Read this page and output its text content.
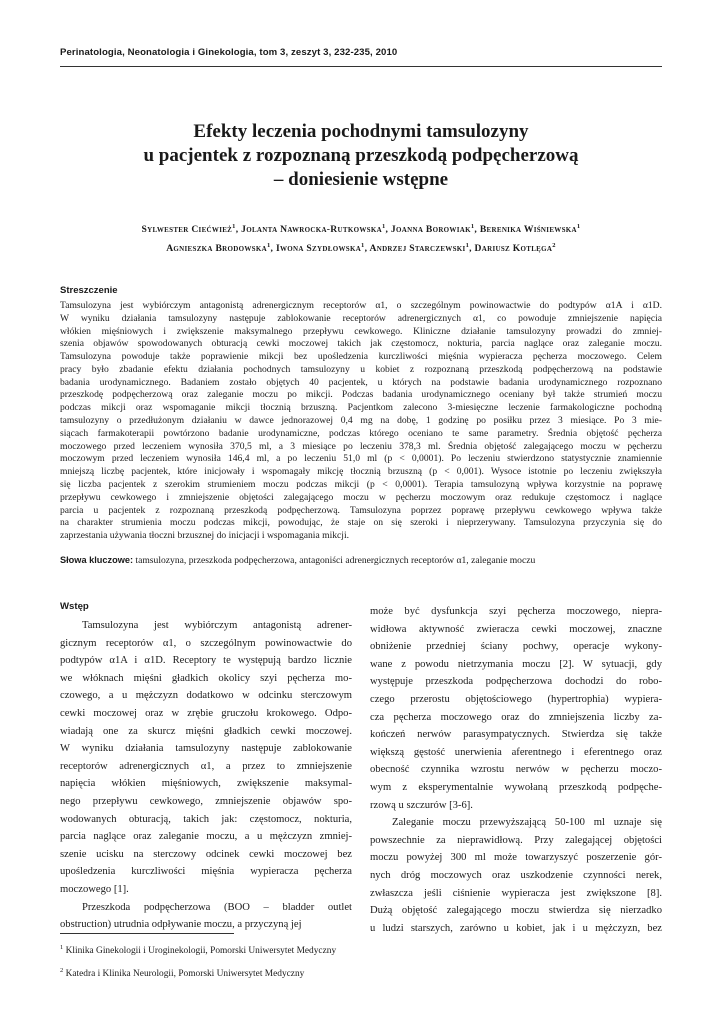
Perinatologia, Neonatologia i Ginekologia, tom 3, zeszyt 3, 232-235, 2010
Efekty leczenia pochodnymi tamsulozyny
u pacjentek z rozpoznaną przeszkodą podpęcherzową
– doniesienie wstępne
Sylwester Ciećwież$^1$, Jolanta Nawrocka-Rutkowska$^1$, Joanna Borowiak$^1$, Berenika Wiśniewska$^1$
Agnieszka Brodowska$^1$, Iwona Szydłowska$^1$, Andrzej Starczewski$^1$, Dariusz Kotlęga$^2$
Streszczenie
Tamsulozyna jest wybiórczym antagonistą adrenergicznym receptorów α1, o szczególnym powinowactwie do podtypów α1A i α1D.
W wyniku działania tamsulozyny następuje zablokowanie receptorów adrenergicznych α1, co powoduje zmniejszenie napięcia
włókien mięśniowych i zwiększenie maksymalnego przepływu cewkowego. Kliniczne działanie tamsulozyny prowadzi do zmniej-
szenia objawów spowodowanych obturacją cewki moczowej takich jak częstomocz, nokturia, parcia naglące oraz zaleganie moczu.
Tamsulozyna powoduje także poprawienie mikcji bez upośledzenia kurczliwości mięśnia wypieracza pęcherza moczowego. Celem
pracy było zbadanie efektu działania pochodnych tamsulozyny u kobiet z rozpoznaną przeszkodą podpęcherzową na podstawie
badania urodynamicznego. Badaniem zostało objętych 40 pacjentek, u których na podstawie badania urodynamicznego rozpoznano
przeszkodę podpęcherzową oraz zaleganie moczu po mikcji. Podczas badania urodynamicznego oceniany był także strumień moczu
podczas mikcji oraz wspomaganie mikcji tłocznią brzuszną. Pacjentkom zalecono 3-miesięczne leczenie farmakologiczne pochodną
tamsulozyny o przedłużonym działaniu w dawce jednorazowej 0,4 mg na dobę, 1 godzinę po posiłku przez 3 miesiące. Po 3 mie-
siącach farmakoterapii powtórzono badanie urodynamiczne, podczas którego oceniano te same parametry. Średnia objętość pęcherza
moczowego przed leczeniem wynosiła 370,5 ml, a 3 miesiące po leczeniu 378,3 ml. Średnia objętość zalegającego moczu w pęcherzu
moczowym przed leczeniem wynosiła 146,4 ml, a po leczeniu 51,0 ml (p < 0,0001). Po leczeniu stwierdzono statystycznie znamiennie
mniejszą liczbę pacjentek, które inicjowały i wspomagały mikcję tłocznią brzuszną (p < 0,001). Wysoce istotnie po leczeniu zwiększyła
się liczba pacjentek z szerokim strumieniem moczu podczas mikcji (p < 0,0001). Terapia tamsulozyną wpływa korzystnie na poprawę
przepływu cewkowego i zmniejszenie objętości zalegającego moczu w pęcherzu moczowym oraz redukuje częstomocz i naglące
parcia u pacjentek z rozpoznaną przeszkodą podpęcherzową. Tamsulozyna poprzez poprawę przepływu cewkowego wpływa także
na charakter strumienia moczu podczas mikcji, powodując, że staje on się szeroki i nieprzerywany. Tamsulozyna przyczynia się do
zaprzestania używania tłoczni brzusznej do inicjacji i wspomagania mikcji.
Słowa kluczowe: tamsulozyna, przeszkoda podpęcherzowa, antagoniści adrenergicznych receptorów α1, zaleganie moczu
Wstęp
Tamsulozyna jest wybiórczym antagonistą adrener-
gicznym receptorów α1, o szczególnym powinowactwie do
podtypów α1A i α1D. Receptory te występują bardzo licznie
we włóknach mięśni gładkich okolicy szyi pęcherza mo-
czowego, a u mężczyzn dodatkowo w odcinku sterczowym
cewki moczowej oraz w zrębie gruczołu krokowego. Odpo-
wiadają one za skurcz mięśni gładkich cewki moczowej.
W wyniku działania tamsulozyny następuje zablokowanie
receptorów adrenergicznych α1, a przez to zmniejszenie
napięcia włókien mięśniowych, zwiększenie maksymal-
nego przepływu cewkowego, zmniejszenie objawów spo-
wodowanych obturacją, takich jak: częstomocz, nokturia,
parcia naglące oraz zaleganie moczu, a u mężczyzn zmniej-
szenie ucisku na sterczowy odcinek cewki moczowej bez
upośledzenia kurczliwości mięśnia wypieracza pęcherza
moczowego [1].
Przeszkoda podpęcherzowa (BOO – bladder outlet
obstruction) utrudnia odpływanie moczu, a przyczyną jej
może być dysfunkcja szyi pęcherza moczowego, niepra-
widłowa aktywność zwieracza cewki moczowej, znaczne
obniżenie przedniej ściany pochwy, operacje wykony-
wane z powodu nietrzymania moczu [2]. W sytuacji, gdy
występuje przeszkoda podpęcherzowa dochodzi do robo-
czego przerostu objętościowego (hypertrophia) wypiera-
cza pęcherza moczowego oraz do zmniejszenia liczby za-
kończeń nerwów parasympatycznych. Stwierdza się także
większą gęstość unerwienia aferentnego i eferentnego oraz
obecność czynnika wzrostu nerwów w pęcherzu moczo-
wym z eksperymentalnie wywołaną przeszkodą podpęche-
rzową u szczurów [3-6].
Zaleganie moczu przewyższającą 50-100 ml uznaje się
powszechnie za nieprawidłową. Przy zalegającej objętości
moczu powyżej 300 ml może towarzyszyć poszerzenie gór-
nych dróg moczowych oraz uszkodzenie czynności nerek,
zwłaszcza jeśli ciśnienie wypieracza jest zwiększone [8].
Dużą objętość zalegającego moczu stwierdza się nierzadko
u ludzi starszych, zarówno u kobiet, jak i u mężczyzn, bez
$^1$ Klinika Ginekologii i Uroginekologii, Pomorski Uniwersytet Medyczny
$^2$ Katedra i Klinika Neurologii, Pomorski Uniwersytet Medyczny
